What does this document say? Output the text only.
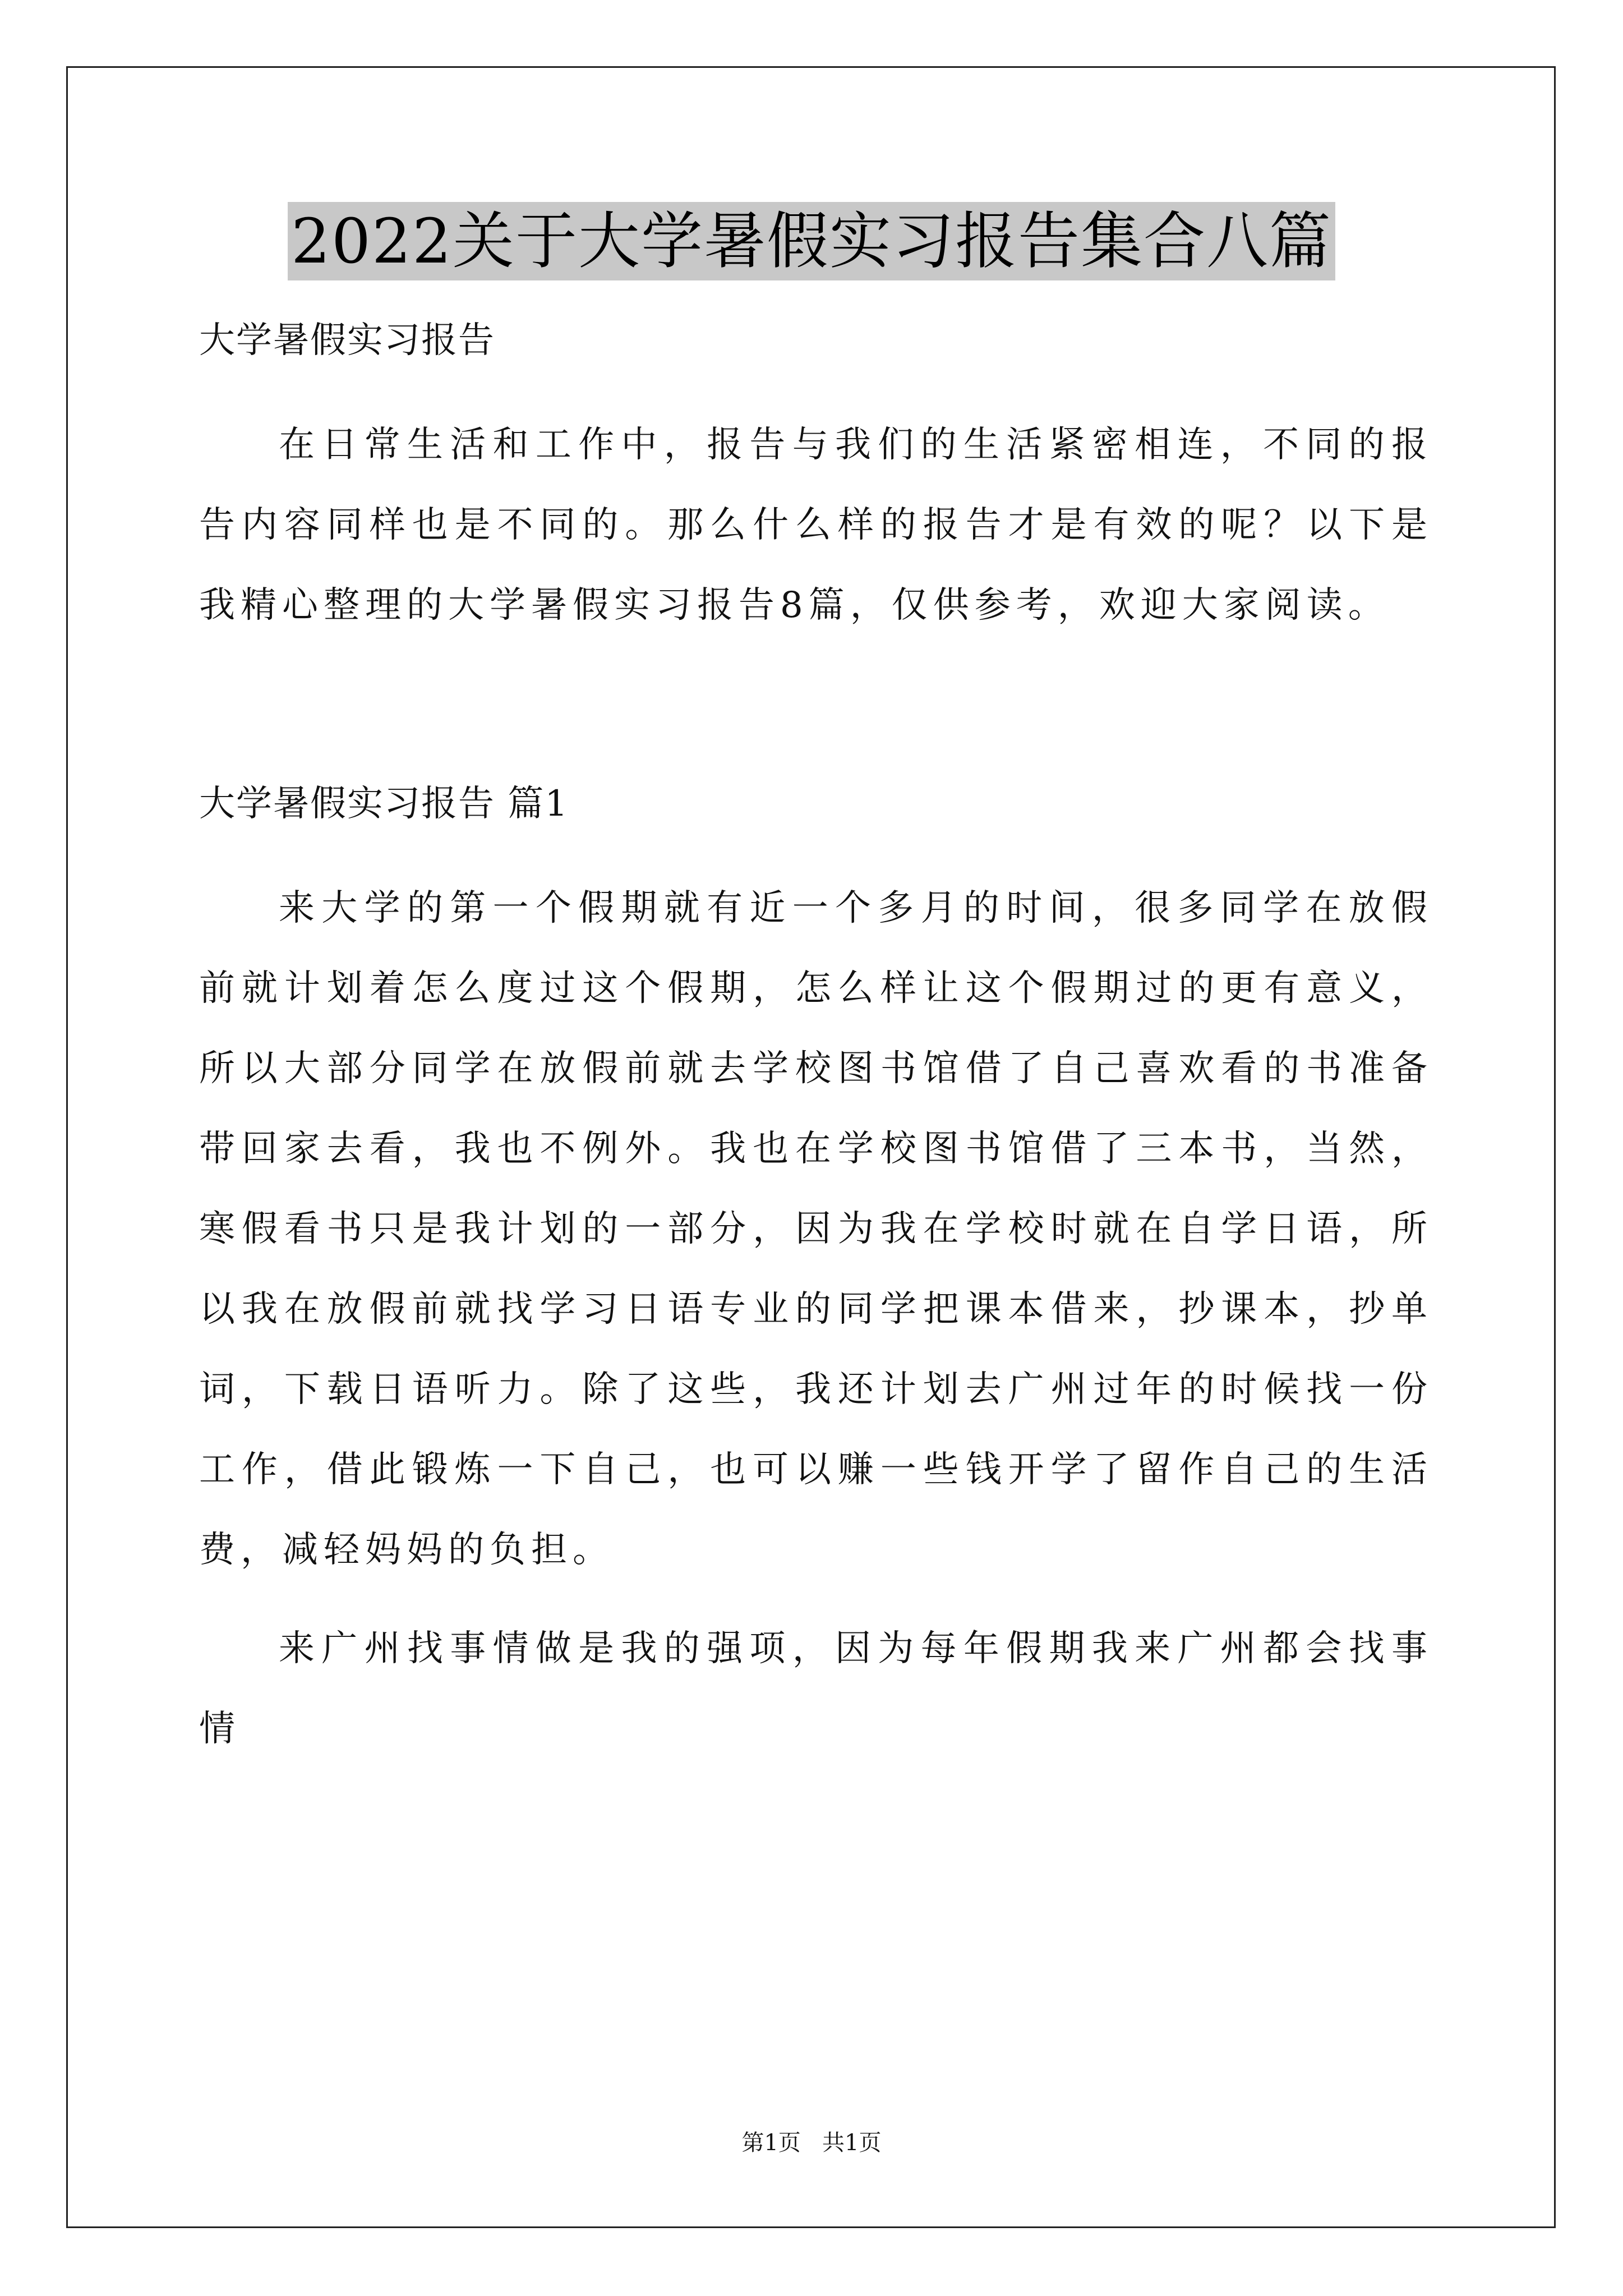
2022关于大学暑假实习报告集合八篇

大学暑假实习报告

在日常生活和工作中，报告与我们的生活紧密相连，不同的报告内容同样也是不同的。那么什么样的报告才是有效的呢？以下是我精心整理的大学暑假实习报告8篇，仅供参考，欢迎大家阅读。

大学暑假实习报告 篇1

来大学的第一个假期就有近一个多月的时间，很多同学在放假前就计划着怎么度过这个假期，怎么样让这个假期过的更有意义，所以大部分同学在放假前就去学校图书馆借了自己喜欢看的书准备带回家去看，我也不例外。我也在学校图书馆借了三本书，当然，寒假看书只是我计划的一部分，因为我在学校时就在自学日语，所以我在放假前就找学习日语专业的同学把课本借来，抄课本，抄单词，下载日语听力。除了这些，我还计划去广州过年的时候找一份工作，借此锻炼一下自己，也可以赚一些钱开学了留作自己的生活费，减轻妈妈的负担。

来广州找事情做是我的强项，因为每年假期我来广州都会找事情

第1页   共1页
